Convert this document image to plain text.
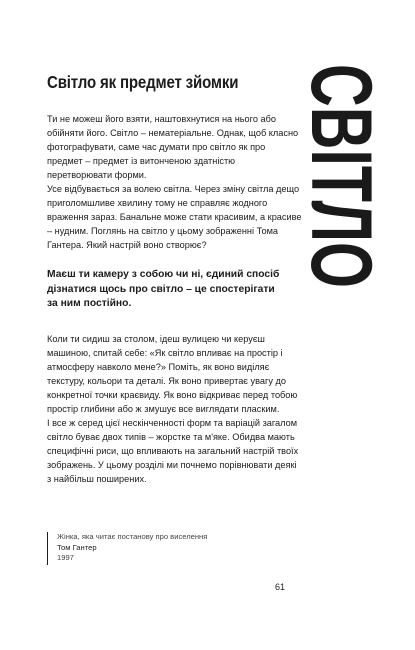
Світло як предмет зйомки СВІТЛО

Ти не можеш його взяти, наштовхнутися на нього або обійняти його. Світло – нематеріальне. Однак, щоб класно фотографувати, саме час думати про світло як про предмет – предмет із витонченою здатністю перетворювати форми.

Усе відбувається за волею світла. Через зміну світла дещо приголомшливе хвилину тому не справляє жодного враження зараз. Банальне може стати красивим, а красиве – нудним. Поглянь на світло у цьому зображенні Тома Гантера. Який настрій воно створює?

Маєш ти камеру з собою чи ні, єдиний спосіб дізнатися щось про світло – це спостерігати за ним постійно.

Коли ти сидиш за столом, ідеш вулицею чи керуєш машиною, спитай себе: «Як світло впливає на простір і атмосферу навколо мене?» Поміть, як воно виділяє текстуру, кольори та деталі. Як воно привертає увагу до конкретної точки краєвиду. Як воно відкриває перед тобою простір глибини або ж змушує все виглядати пласким.

І все ж серед цієї нескінченності форм та варіацій загалом світло буває двох типів – жорстке та м'яке. Обидва мають специфічні риси, що впливають на загальний настрій твоїх зображень. У цьому розділі ми почнемо порівнювати деякі з найбільш поширених.

Жінка, яка читає постанову про виселення
Том Гантер
1997
61
